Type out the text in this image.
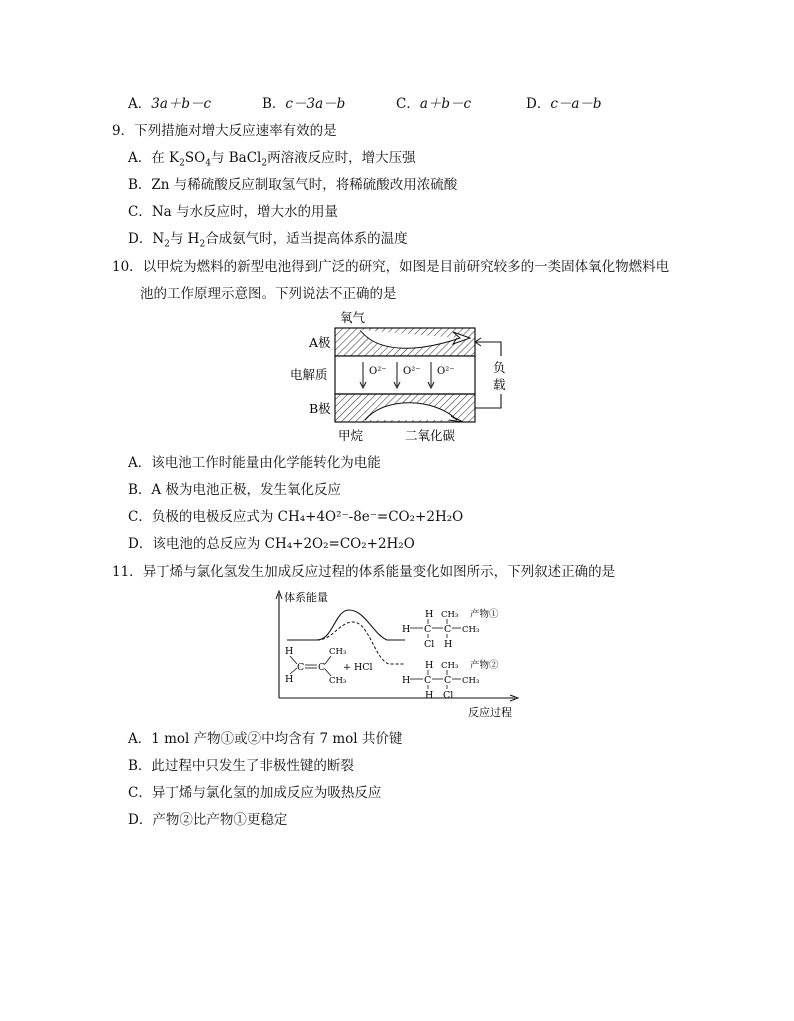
A．3a＋b－c	B．c－3a－b	C．a＋b－c	D．c－a－b
9．下列措施对增大反应速率有效的是
A．在 $K_2SO_4$与 BaCl$_2$两溶液反应时，增大压强
B．Zn 与稀硫酸反应制取氢气时，将稀硫酸改用浓硫酸
C．Na 与水反应时，增大水的用量
D．$N_2$与 $H_2$合成氨气时，适当提高体系的温度
10．以甲烷为燃料的新型电池得到广泛的研究，如图是目前研究较多的一类固体氧化物燃料电
池的工作原理示意图。下列说法不正确的是
氧气
O²⁻ O²⁻ O²⁻
A极
电解质
B极
负
载
甲烷	二氧化碳
A．该电池工作时能量由化学能转化为电能
B．A 极为电池正极，发生氧化反应
C．负极的电极反应式为 CH₄+4O²⁻-8e⁻=CO₂+2H₂O
D．该电池的总反应为 CH₄+2O₂=CO₂+2H₂O
11．异丁烯与氯化氢发生加成反应过程的体系能量变化如图所示，下列叙述正确的是
体系能量
反应过程
H
H
C C
CH₃
CH₃
+ HCl
H
H C C
CH₃
CH₃
Cl H
产物①
H
H C C
CH₃
CH₃
H Cl
产物②
A．1 mol 产物①或②中均含有 7 mol 共价键
B．此过程中只发生了非极性键的断裂
C．异丁烯与氯化氢的加成反应为吸热反应
D．产物②比产物①更稳定
